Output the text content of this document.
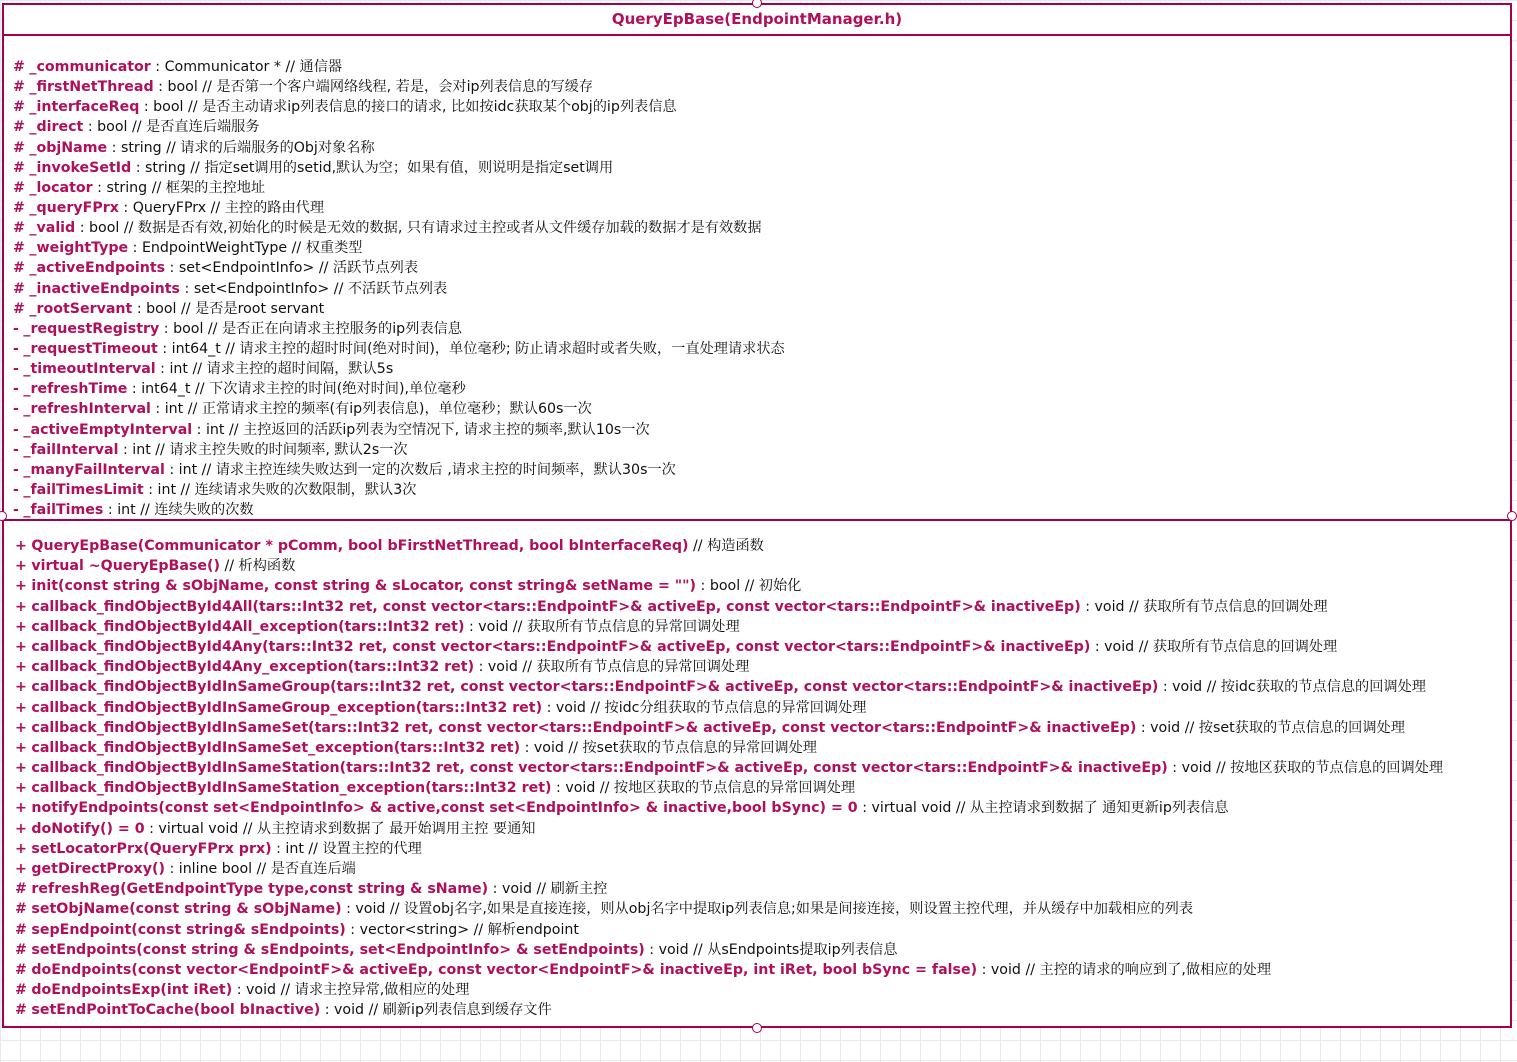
QueryEpBase(EndpointManager.h)
# _communicator : Communicator * // 通信器
# _firstNetThread : bool // 是否第一个客户端网络线程, 若是，会对ip列表信息的写缓存
# _interfaceReq : bool // 是否主动请求ip列表信息的接口的请求, 比如按idc获取某个obj的ip列表信息
# _direct : bool // 是否直连后端服务
# _objName : string // 请求的后端服务的Obj对象名称
# _invokeSetId : string // 指定set调用的setid,默认为空；如果有值，则说明是指定set调用
# _locator : string // 框架的主控地址
# _queryFPrx : QueryFPrx // 主控的路由代理
# _valid : bool // 数据是否有效,初始化的时候是无效的数据, 只有请求过主控或者从文件缓存加载的数据才是有效数据
# _weightType : EndpointWeightType // 权重类型
# _activeEndpoints : set<EndpointInfo> // 活跃节点列表
# _inactiveEndpoints : set<EndpointInfo> // 不活跃节点列表
# _rootServant : bool // 是否是root servant
- _requestRegistry : bool // 是否正在向请求主控服务的ip列表信息
- _requestTimeout : int64_t // 请求主控的超时时间(绝对时间)，单位毫秒; 防止请求超时或者失败，一直处理请求状态
- _timeoutInterval : int // 请求主控的超时间隔，默认5s
- _refreshTime : int64_t // 下次请求主控的时间(绝对时间),单位毫秒
- _refreshInterval : int // 正常请求主控的频率(有ip列表信息)，单位毫秒；默认60s一次
- _activeEmptyInterval : int // 主控返回的活跃ip列表为空情况下, 请求主控的频率,默认10s一次
- _failInterval : int // 请求主控失败的时间频率, 默认2s一次
- _manyFailInterval : int // 请求主控连续失败达到一定的次数后 ,请求主控的时间频率，默认30s一次
- _failTimesLimit : int // 连续请求失败的次数限制，默认3次
- _failTimes : int // 连续失败的次数
+ QueryEpBase(Communicator * pComm, bool bFirstNetThread, bool bInterfaceReq) // 构造函数
+ virtual ~QueryEpBase() // 析构函数
+ init(const string & sObjName, const string & sLocator, const string& setName = "") : bool // 初始化
+ callback_findObjectById4All(tars::Int32 ret, const vector<tars::EndpointF>& activeEp, const vector<tars::EndpointF>& inactiveEp) : void // 获取所有节点信息的回调处理
+ callback_findObjectById4All_exception(tars::Int32 ret) : void // 获取所有节点信息的异常回调处理
+ callback_findObjectById4Any(tars::Int32 ret, const vector<tars::EndpointF>& activeEp, const vector<tars::EndpointF>& inactiveEp) : void // 获取所有节点信息的回调处理
+ callback_findObjectById4Any_exception(tars::Int32 ret) : void // 获取所有节点信息的异常回调处理
+ callback_findObjectByIdInSameGroup(tars::Int32 ret, const vector<tars::EndpointF>& activeEp, const vector<tars::EndpointF>& inactiveEp) : void // 按idc获取的节点信息的回调处理
+ callback_findObjectByIdInSameGroup_exception(tars::Int32 ret) : void // 按idc分组获取的节点信息的异常回调处理
+ callback_findObjectByIdInSameSet(tars::Int32 ret, const vector<tars::EndpointF>& activeEp, const vector<tars::EndpointF>& inactiveEp) : void // 按set获取的节点信息的回调处理
+ callback_findObjectByIdInSameSet_exception(tars::Int32 ret) : void // 按set获取的节点信息的异常回调处理
+ callback_findObjectByIdInSameStation(tars::Int32 ret, const vector<tars::EndpointF>& activeEp, const vector<tars::EndpointF>& inactiveEp) : void // 按地区获取的节点信息的回调处理
+ callback_findObjectByIdInSameStation_exception(tars::Int32 ret) : void // 按地区获取的节点信息的异常回调处理
+ notifyEndpoints(const set<EndpointInfo> & active,const set<EndpointInfo> & inactive,bool bSync) = 0 : virtual void // 从主控请求到数据了 通知更新ip列表信息
+ doNotify() = 0 : virtual void // 从主控请求到数据了 最开始调用主控 要通知
+ setLocatorPrx(QueryFPrx prx) : int // 设置主控的代理
+ getDirectProxy() : inline bool // 是否直连后端
# refreshReg(GetEndpointType type,const string & sName) : void // 刷新主控
# setObjName(const string & sObjName) : void // 设置obj名字,如果是直接连接，则从obj名字中提取ip列表信息;如果是间接连接，则设置主控代理，并从缓存中加载相应的列表
# sepEndpoint(const string& sEndpoints) : vector<string> // 解析endpoint
# setEndpoints(const string & sEndpoints, set<EndpointInfo> & setEndpoints) : void // 从sEndpoints提取ip列表信息
# doEndpoints(const vector<EndpointF>& activeEp, const vector<EndpointF>& inactiveEp, int iRet, bool bSync = false) : void // 主控的请求的响应到了,做相应的处理
# doEndpointsExp(int iRet) : void // 请求主控异常,做相应的处理
# setEndPointToCache(bool bInactive) : void // 刷新ip列表信息到缓存文件
